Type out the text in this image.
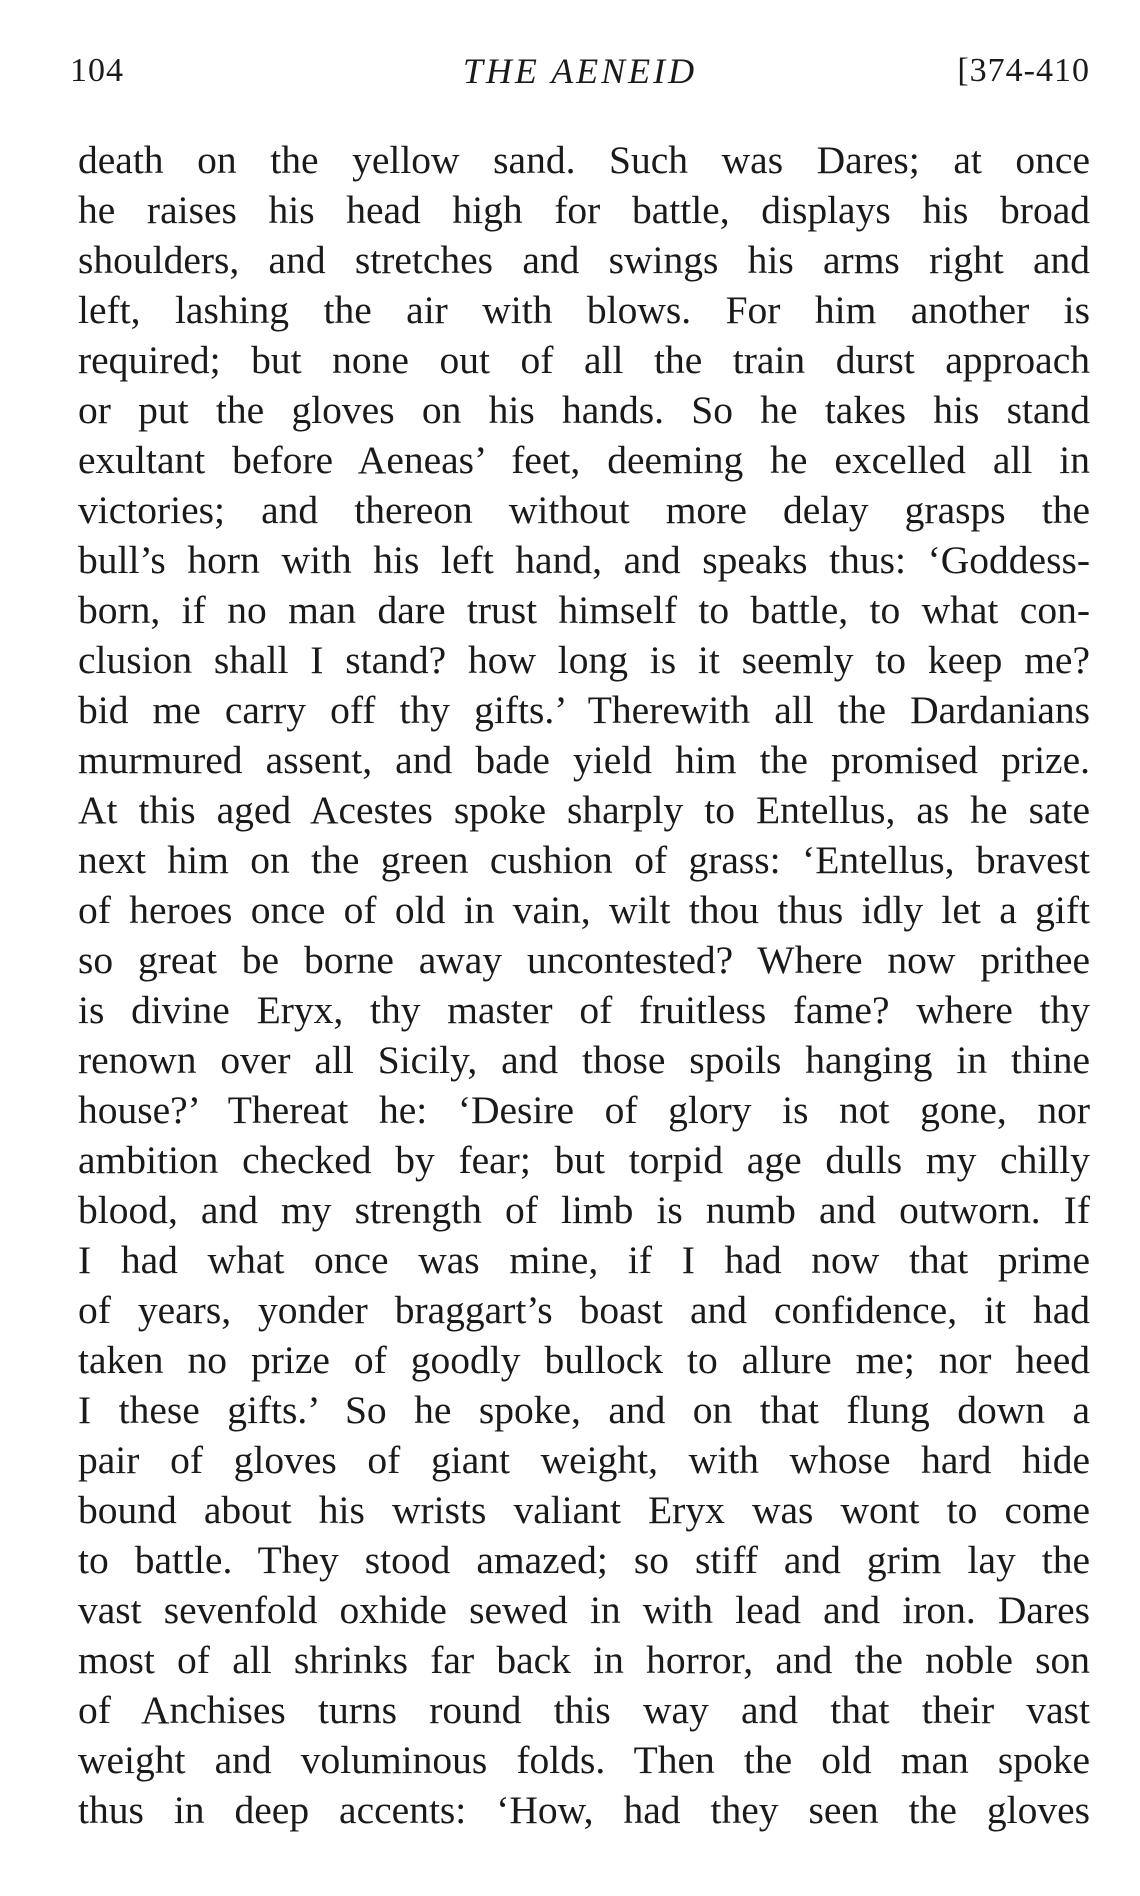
104	THE AENEID	[374-410
death on the yellow sand. Such was Dares; at once
he raises his head high for battle, displays his broad
shoulders, and stretches and swings his arms right and
left, lashing the air with blows. For him another is
required; but none out of all the train durst approach
or put the gloves on his hands. So he takes his stand
exultant before Aeneas’ feet, deeming he excelled all in
victories; and thereon without more delay grasps the
bull’s horn with his left hand, and speaks thus: ‘Goddess-
born, if no man dare trust himself to battle, to what con-
clusion shall I stand? how long is it seemly to keep me?
bid me carry off thy gifts.’ Therewith all the Dardanians
murmured assent, and bade yield him the promised prize.
At this aged Acestes spoke sharply to Entellus, as he sate
next him on the green cushion of grass: ‘Entellus, bravest
of heroes once of old in vain, wilt thou thus idly let a gift
so great be borne away uncontested? Where now prithee
is divine Eryx, thy master of fruitless fame? where thy
renown over all Sicily, and those spoils hanging in thine
house?’ Thereat he: ‘Desire of glory is not gone, nor
ambition checked by fear; but torpid age dulls my chilly
blood, and my strength of limb is numb and outworn. If
I had what once was mine, if I had now that prime
of years, yonder braggart’s boast and confidence, it had
taken no prize of goodly bullock to allure me; nor heed
I these gifts.’ So he spoke, and on that flung down a
pair of gloves of giant weight, with whose hard hide
bound about his wrists valiant Eryx was wont to come
to battle. They stood amazed; so stiff and grim lay the
vast sevenfold oxhide sewed in with lead and iron. Dares
most of all shrinks far back in horror, and the noble son
of Anchises turns round this way and that their vast
weight and voluminous folds. Then the old man spoke
thus in deep accents: ‘How, had they seen the gloves
